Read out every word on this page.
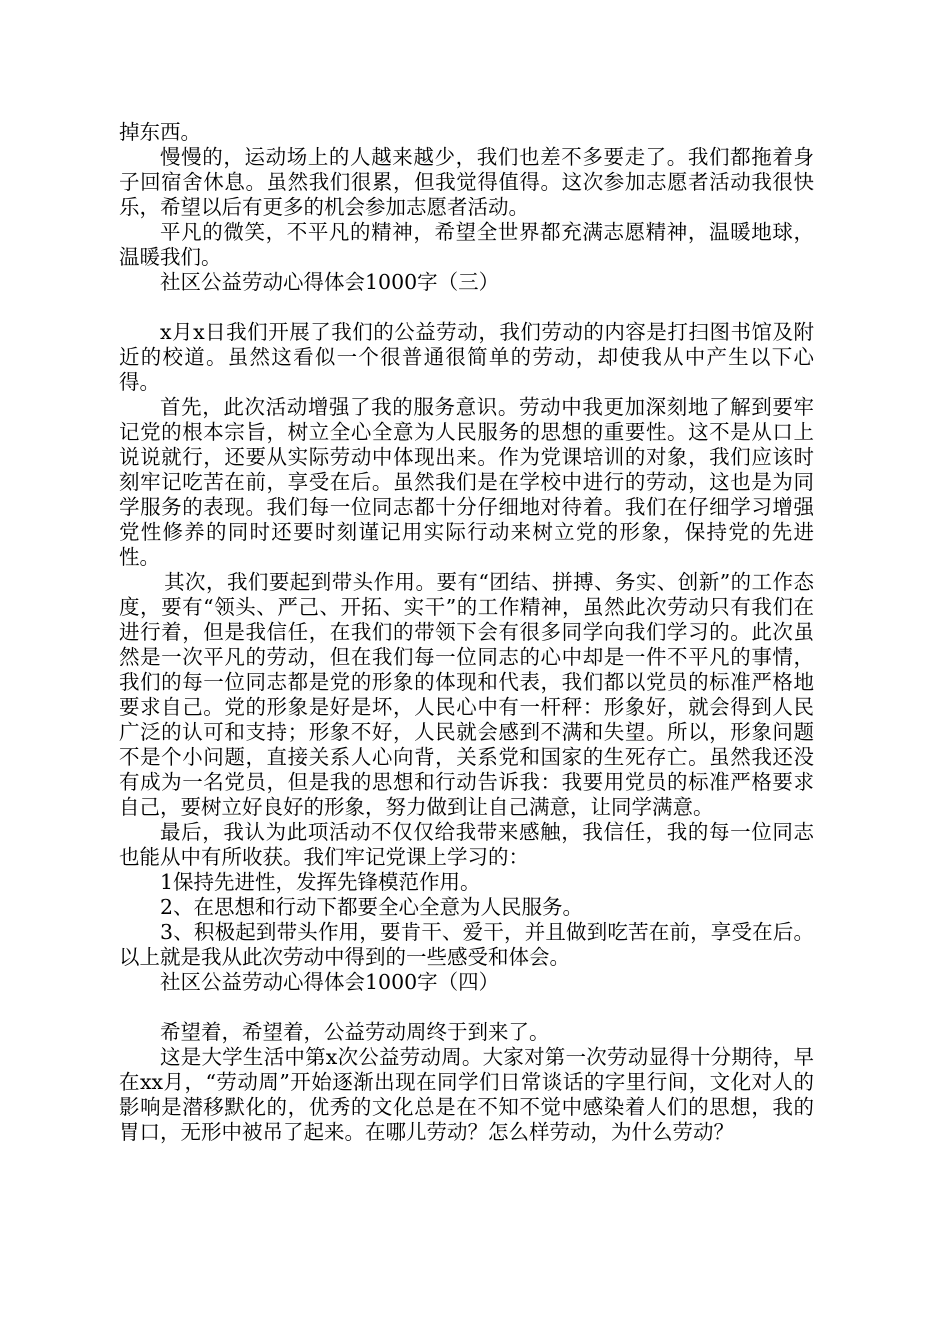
掉东西。

慢慢的，运动场上的人越来越少，我们也差不多要走了。我们都拖着身子回宿舍休息。虽然我们很累，但我觉得值得。这次参加志愿者活动我很快乐，希望以后有更多的机会参加志愿者活动。

平凡的微笑，不平凡的精神，希望全世界都充满志愿精神，温暖地球，温暖我们。

社区公益劳动心得体会1000字（三）

x月x日我们开展了我们的公益劳动，我们劳动的内容是打扫图书馆及附近的校道。虽然这看似一个很普通很简单的劳动，却使我从中产生以下心得。

首先，此次活动增强了我的服务意识。劳动中我更加深刻地了解到要牢记党的根本宗旨，树立全心全意为人民服务的思想的重要性。这不是从口上说说就行，还要从实际劳动中体现出来。作为党课培训的对象，我们应该时刻牢记吃苦在前，享受在后。虽然我们是在学校中进行的劳动，这也是为同学服务的表现。我们每一位同志都十分仔细地对待着。我们在仔细学习增强党性修养的同时还要时刻谨记用实际行动来树立党的形象，保持党的先进性。

其次，我们要起到带头作用。要有“团结、拼搏、务实、创新”的工作态度，要有“领头、严己、开拓、实干”的工作精神，虽然此次劳动只有我们在进行着，但是我信任，在我们的带领下会有很多同学向我们学习的。此次虽然是一次平凡的劳动，但在我们每一位同志的心中却是一件不平凡的事情，我们的每一位同志都是党的形象的体现和代表，我们都以党员的标准严格地要求自己。党的形象是好是坏，人民心中有一杆秤：形象好，就会得到人民广泛的认可和支持；形象不好，人民就会感到不满和失望。所以，形象问题不是个小问题，直接关系人心向背，关系党和国家的生死存亡。虽然我还没有成为一名党员，但是我的思想和行动告诉我：我要用党员的标准严格要求自己，要树立好良好的形象，努力做到让自己满意，让同学满意。

最后，我认为此项活动不仅仅给我带来感触，我信任，我的每一位同志也能从中有所收获。我们牢记党课上学习的：

1保持先进性，发挥先锋模范作用。

2、在思想和行动下都要全心全意为人民服务。

3、积极起到带头作用，要肯干、爱干，并且做到吃苦在前，享受在后。以上就是我从此次劳动中得到的一些感受和体会。

社区公益劳动心得体会1000字（四）

希望着，希望着，公益劳动周终于到来了。

这是大学生活中第x次公益劳动周。大家对第一次劳动显得十分期待，早在xx月，“劳动周”开始逐渐出现在同学们日常谈话的字里行间，文化对人的影响是潜移默化的，优秀的文化总是在不知不觉中感染着人们的思想，我的胃口，无形中被吊了起来。在哪儿劳动？怎么样劳动，为什么劳动？
